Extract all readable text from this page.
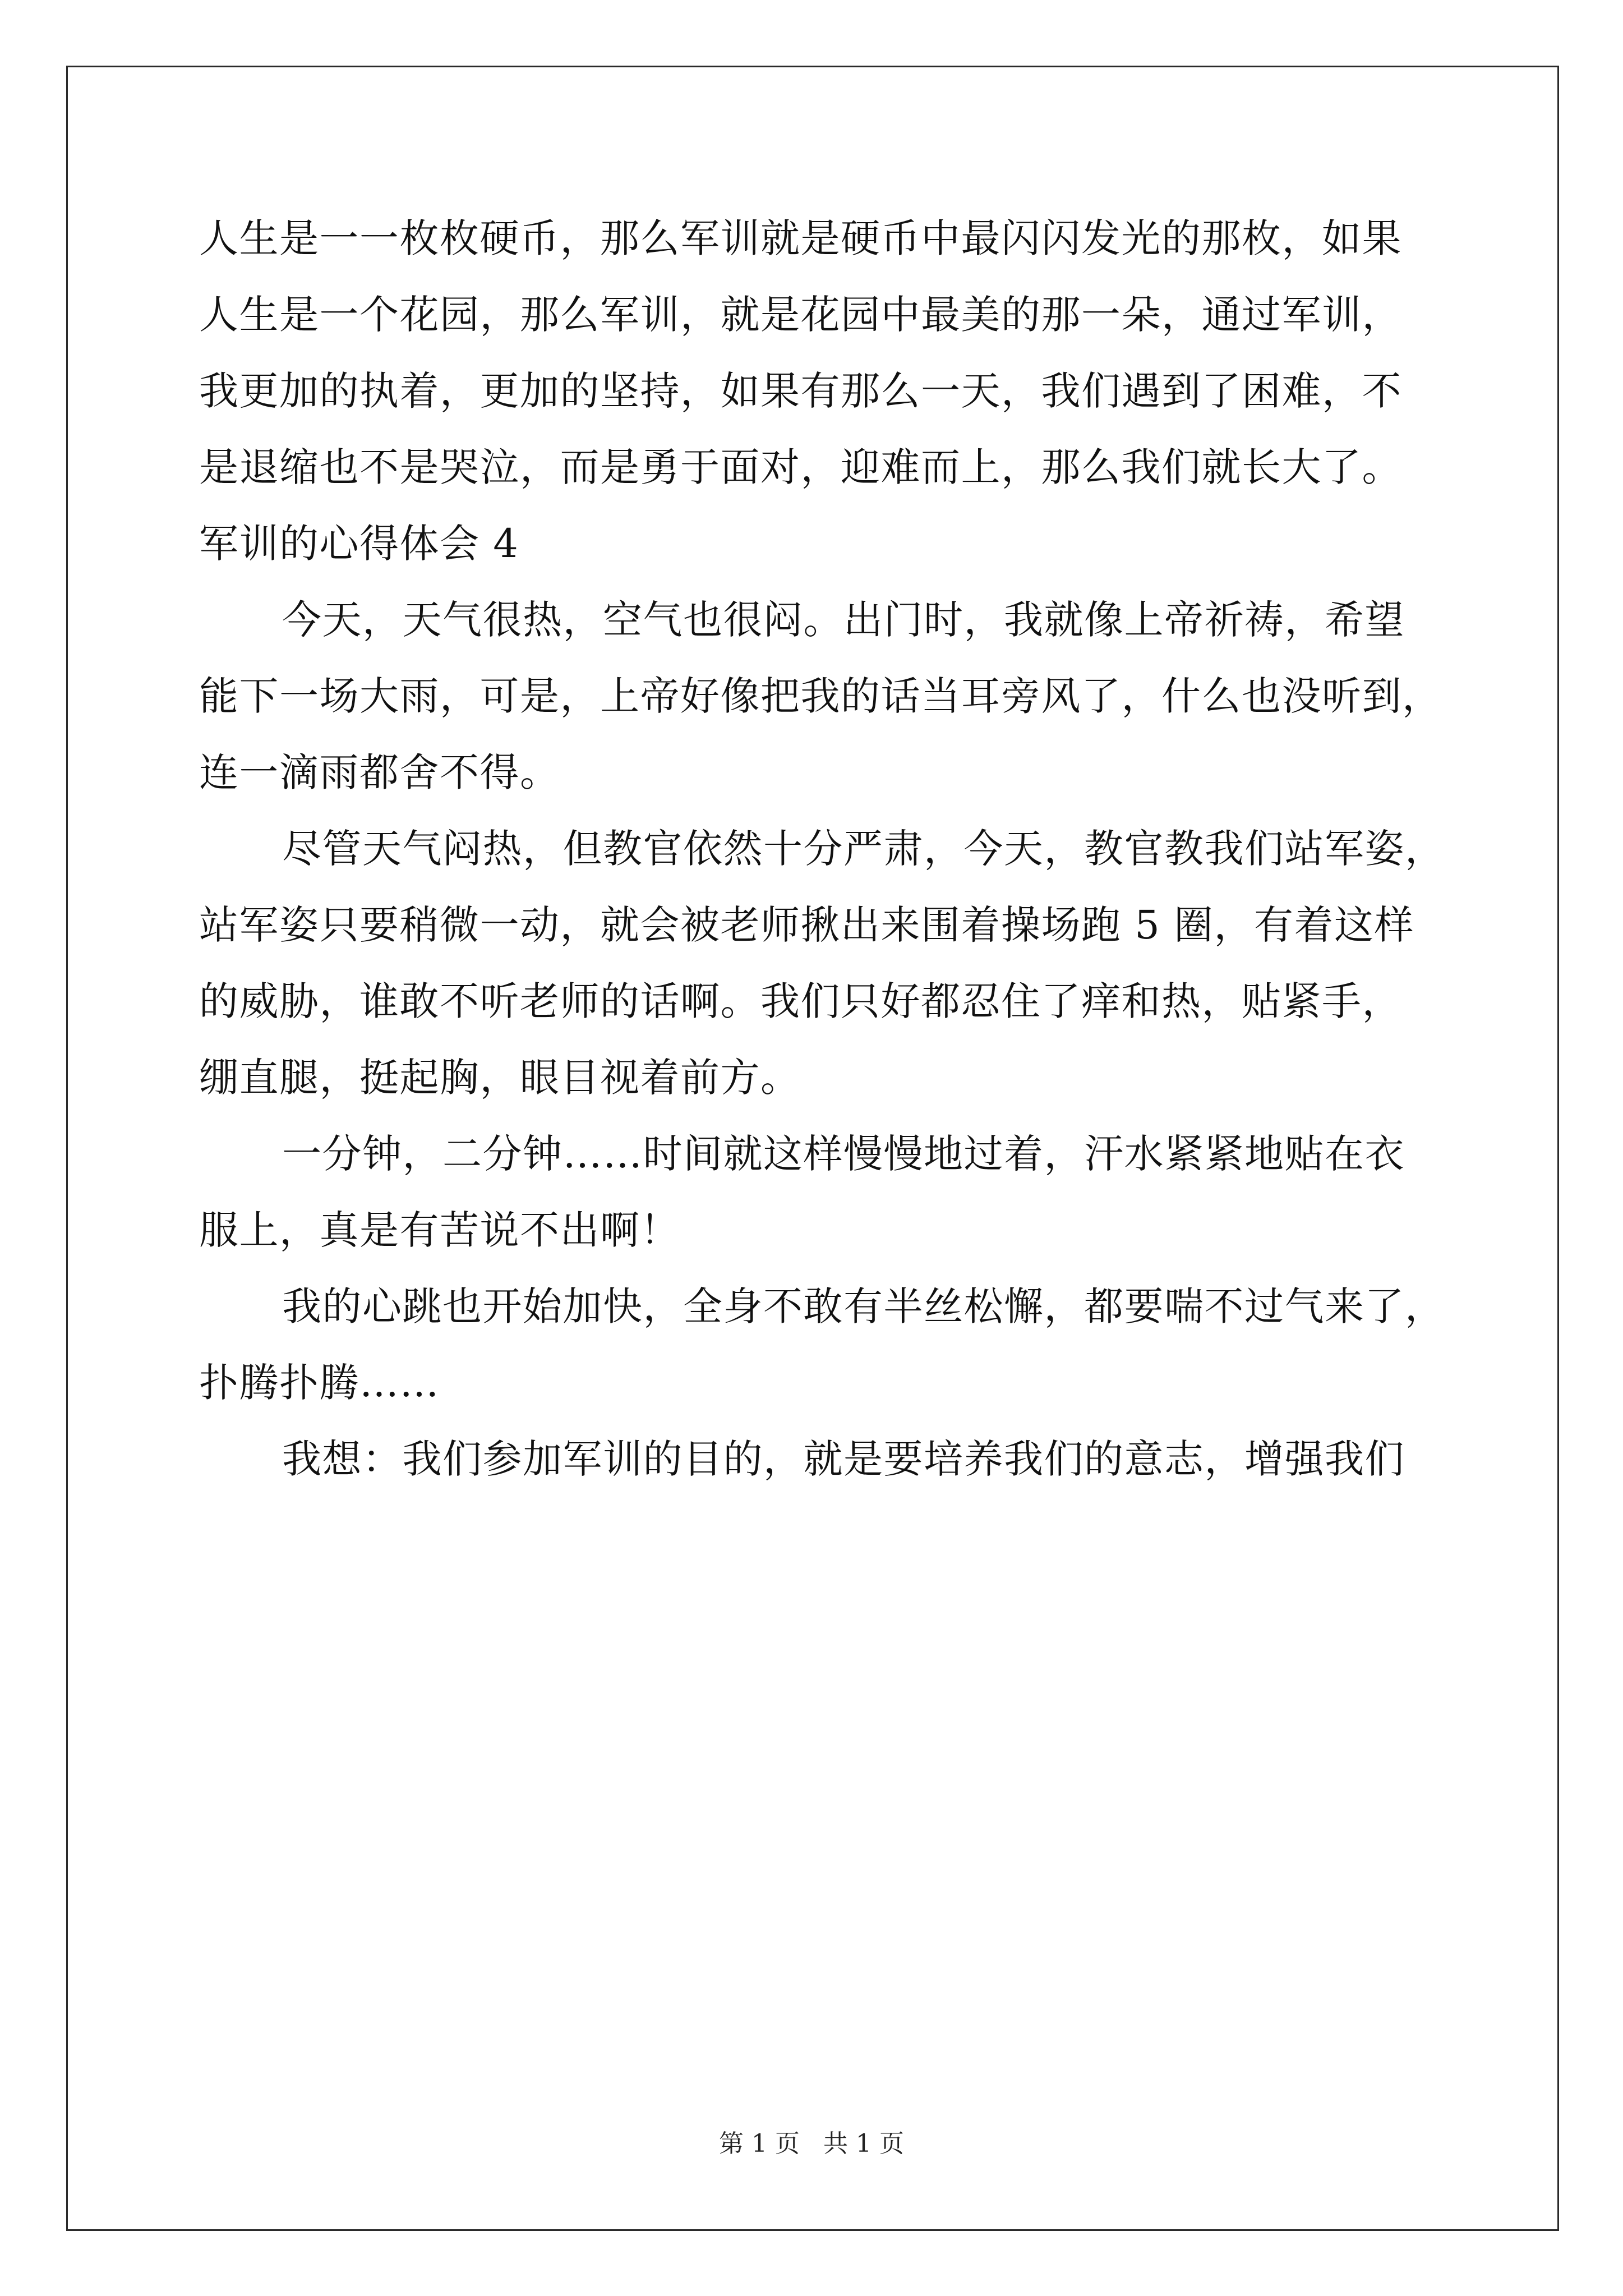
人生是一一枚枚硬币，那么军训就是硬币中最闪闪发光的那枚，如果
人生是一个花园，那么军训，就是花园中最美的那一朵，通过军训，
我更加的执着，更加的坚持，如果有那么一天，我们遇到了困难，不
是退缩也不是哭泣，而是勇于面对，迎难而上，那么我们就长大了。
军训的心得体会 4
今天，天气很热，空气也很闷。出门时，我就像上帝祈祷，希望
能下一场大雨，可是，上帝好像把我的话当耳旁风了，什么也没听到，
连一滴雨都舍不得。
尽管天气闷热，但教官依然十分严肃，今天，教官教我们站军姿，
站军姿只要稍微一动，就会被老师揪出来围着操场跑 5 圈，有着这样
的威胁，谁敢不听老师的话啊。我们只好都忍住了痒和热，贴紧手，
绷直腿，挺起胸，眼目视着前方。
一分钟，二分钟……时间就这样慢慢地过着，汗水紧紧地贴在衣
服上，真是有苦说不出啊！
我的心跳也开始加快，全身不敢有半丝松懈，都要喘不过气来了，
扑腾扑腾……
我想：我们参加军训的目的，就是要培养我们的意志，增强我们
第 1 页   共 1 页
